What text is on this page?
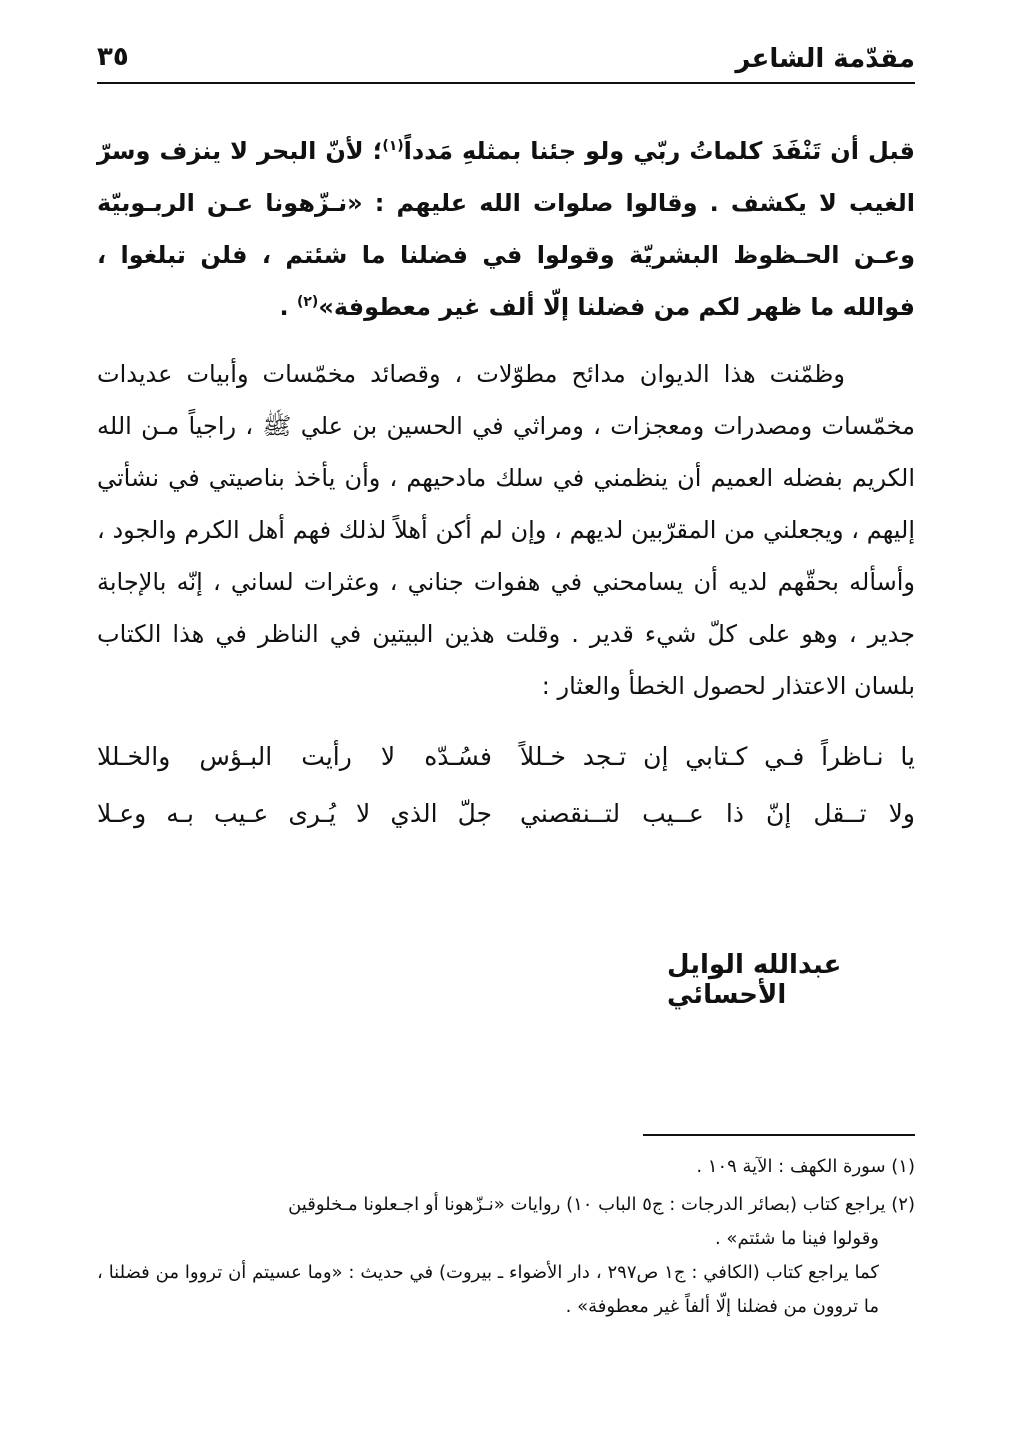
مقدّمة الشاعر
٣٥

قبل أن تَنْفَدَ كلماتُ ربّي ولو جئنا بمثلهِ مَدداً$^{(١)}$؛ لأنّ البحر لا ينزف وسرّ الغيب لا يكشف . وقالوا صلوات الله عليهم : «نـزّهونا عـن الربـوبيّة وعـن الحـظوظ البشريّة وقولوا في فضلنا ما شئتم ، فلن تبلغوا ، فوالله ما ظهر لكم من فضلنا إلّا ألف غير معطوفة»$^{(٢)}$ .

وظمّنت هذا الديوان مدائح مطوّلات ، وقصائد مخمّسات وأبيات عديدات مخمّسات ومصدرات ومعجزات ، ومراثي في الحسين بن علي ﷺ ، راجياً مـن الله الكريم بفضله العميم أن ينظمني في سلك مادحيهم ، وأن يأخذ بناصيتي في نشأتي إليهم ، ويجعلني من المقرّبين لديهم ، وإن لم أكن أهلاً لذلك فهم أهل الكرم والجود ، وأسأله بحقّهم لديه أن يسامحني في هفوات جناني ، وعثرات لساني ، إنّه بالإجابة جدير ، وهو على كلّ شيء قدير . وقلت هذين البيتين في الناظر في هذا الكتاب بلسان الاعتذار لحصول الخطأ والعثار :

يا نـاظراً فـي كـتابي إن تـجد خـللاً
فسُـدّه لا رأيت البـؤس والخـللا
ولا تــقل إنّ ذا عــيب لتــنقصني
جلّ الذي لا يُـرى عـيب بـه وعـلا
عبدالله الوايل الأحسائي

(١) سورة الكهف : الآية ١٠٩ .

(٢) يراجع كتاب (بصائر الدرجات : ج٥ الباب ١٠) روايات «نـزّهونا أو اجـعلونا مـخلوقين
وقولوا فينا ما شئتم» .

كما يراجع كتاب (الكافي : ج١ ص٢٩٧ ، دار الأضواء ـ بيروت) في حديث : «وما عسيتم أن ترووا من فضلنا ، ما تروون من فضلنا إلّا ألفاً غير معطوفة» .
